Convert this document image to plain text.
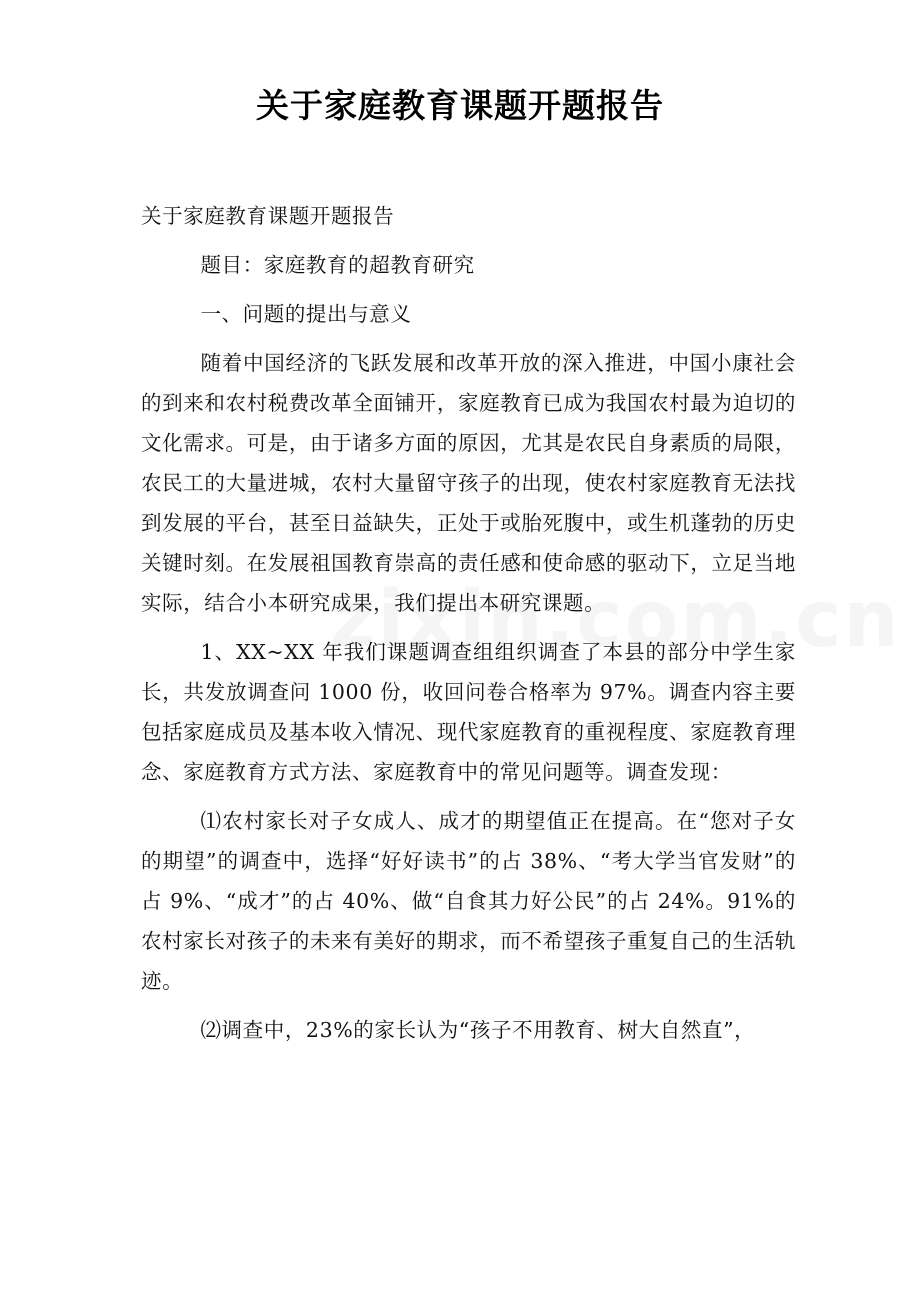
关于家庭教育课题开题报告

关于家庭教育课题开题报告

题目：家庭教育的超教育研究

一、问题的提出与意义

随着中国经济的飞跃发展和改革开放的深入推进，中国小康社会的到来和农村税费改革全面铺开，家庭教育已成为我国农村最为迫切的文化需求。可是，由于诸多方面的原因，尤其是农民自身素质的局限，农民工的大量进城，农村大量留守孩子的出现，使农村家庭教育无法找到发展的平台，甚至日益缺失，正处于或胎死腹中，或生机蓬勃的历史关键时刻。在发展祖国教育崇高的责任感和使命感的驱动下，立足当地实际，结合小本研究成果，我们提出本研究课题。

1、XX~XX 年我们课题调查组组织调查了本县的部分中学生家长，共发放调查问 1000 份，收回问卷合格率为 97%。调查内容主要包括家庭成员及基本收入情况、现代家庭教育的重视程度、家庭教育理念、家庭教育方式方法、家庭教育中的常见问题等。调查发现：

⑴农村家长对子女成人、成才的期望值正在提高。在“您对子女的期望”的调查中，选择“好好读书”的占 38%、“考大学当官发财”的占 9%、“成才”的占 40%、做“自食其力好公民”的占 24%。91%的农村家长对孩子的未来有美好的期求，而不希望孩子重复自己的生活轨迹。

⑵调查中，23%的家长认为“孩子不用教育、树大自然直”，
